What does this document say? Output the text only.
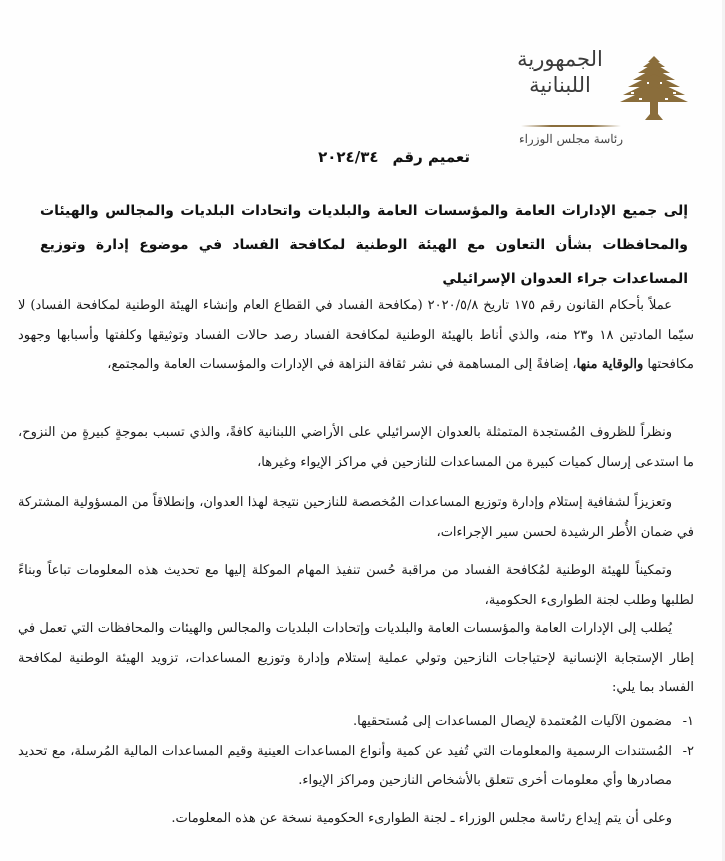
الجمهورية
اللبنانية
رئاسة مجلس الوزراء
تعميم رقم٢٠٢٤/٣٤
إلى جميع الإدارات العامة والمؤسسات العامة والبلديات واتحادات البلديات والمجالس والهيئات والمحافظات بشأن التعاون مع الهيئة الوطنية لمكافحة الفساد في موضوع إدارة وتوزيع المساعدات جراء العدوان الإسرائيلي

عملاً بأحكام القانون رقم ١٧٥ تاريخ ٢٠٢٠/٥/٨ (مكافحة الفساد في القطاع العام وإنشاء الهيئة الوطنية لمكافحة الفساد) لا سيّما المادتين ١٨ و٢٣ منه، والذي أناط بالهيئة الوطنية لمكافحة الفساد رصد حالات الفساد وتوثيقها وكلفتها وأسبابها وجهود مكافحتها والوقاية منها، إضافةً إلى المساهمة في نشر ثقافة النزاهة في الإدارات والمؤسسات العامة والمجتمع،

ونظراً للظروف المُستجدة المتمثلة بالعدوان الإسرائيلي على الأراضي اللبنانية كافةً، والذي تسبب بموجةٍ كبيرةٍ من النزوح، ما استدعى إرسال كميات كبيرة من المساعدات للنازحين في مراكز الإيواء وغيرها،

وتعزيزاً لشفافية إستلام وإدارة وتوزيع المساعدات المُخصصة للنازحين نتيجة لهذا العدوان، وإنطلاقاً من المسؤولية المشتركة في ضمان الأُطر الرشيدة لحسن سير الإجراءات،

وتمكيناً للهيئة الوطنية لمُكافحة الفساد من مراقبة حُسن تنفيذ المهام الموكلة إليها مع تحديث هذه المعلومات تباعاً وبناءً لطلبها وطلب لجنة الطوارىء الحكومية،

يُطلب إلى الإدارات العامة والمؤسسات العامة والبلديات وإتحادات البلديات والمجالس والهيئات والمحافظات التي تعمل في إطار الإستجابة الإنسانية لإحتياجات النازحين وتولي عملية إستلام وإدارة وتوزيع المساعدات، تزويد الهيئة الوطنية لمكافحة الفساد بما يلي:

١-
مضمون الآليات المُعتمدة لإيصال المساعدات إلى مُستحقيها.
٢-
المُستندات الرسمية والمعلومات التي تُفيد عن كمية وأنواع المساعدات العينية وقيم المساعدات المالية المُرسلة، مع تحديد مصادرها وأي معلومات أخرى تتعلق بالأشخاص النازحين ومراكز الإيواء.

وعلى أن يتم إيداع رئاسة مجلس الوزراء ـ لجنة الطوارىء الحكومية نسخة عن هذه المعلومات.
